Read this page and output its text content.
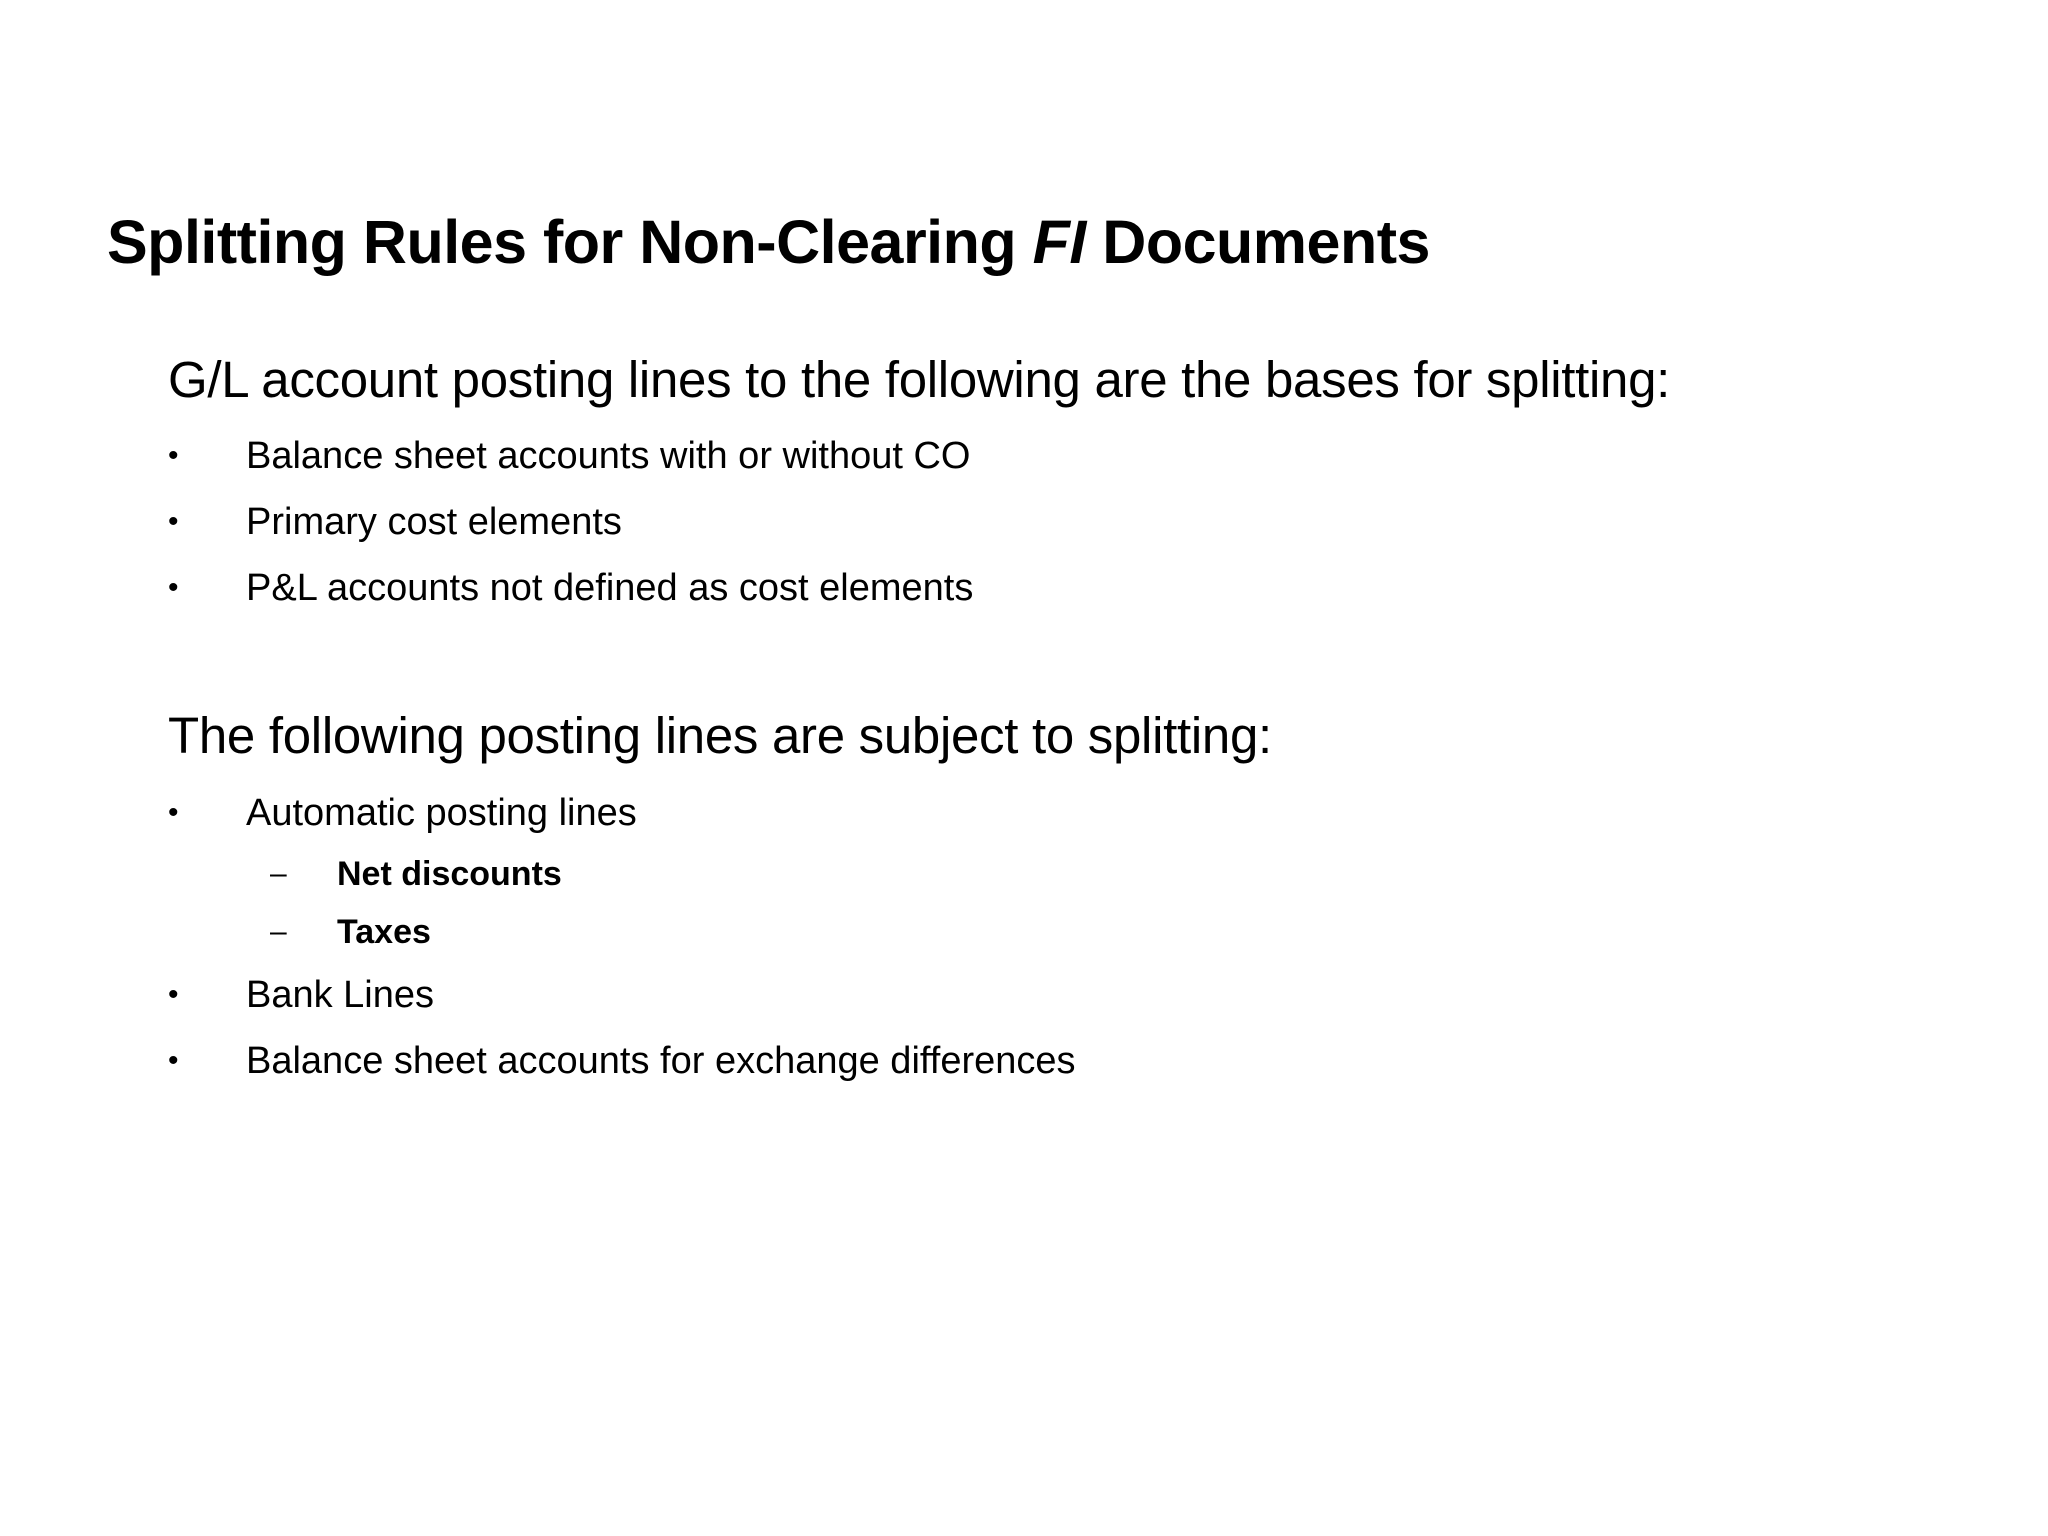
Splitting Rules for Non-Clearing FI Documents
G/L account posting lines to the following are the bases for splitting:
• Balance sheet accounts with or without CO
• Primary cost elements
• P&L accounts not defined as cost elements
The following posting lines are subject to splitting:
• Automatic posting lines
– Net discounts
– Taxes
• Bank Lines
• Balance sheet accounts for exchange differences
